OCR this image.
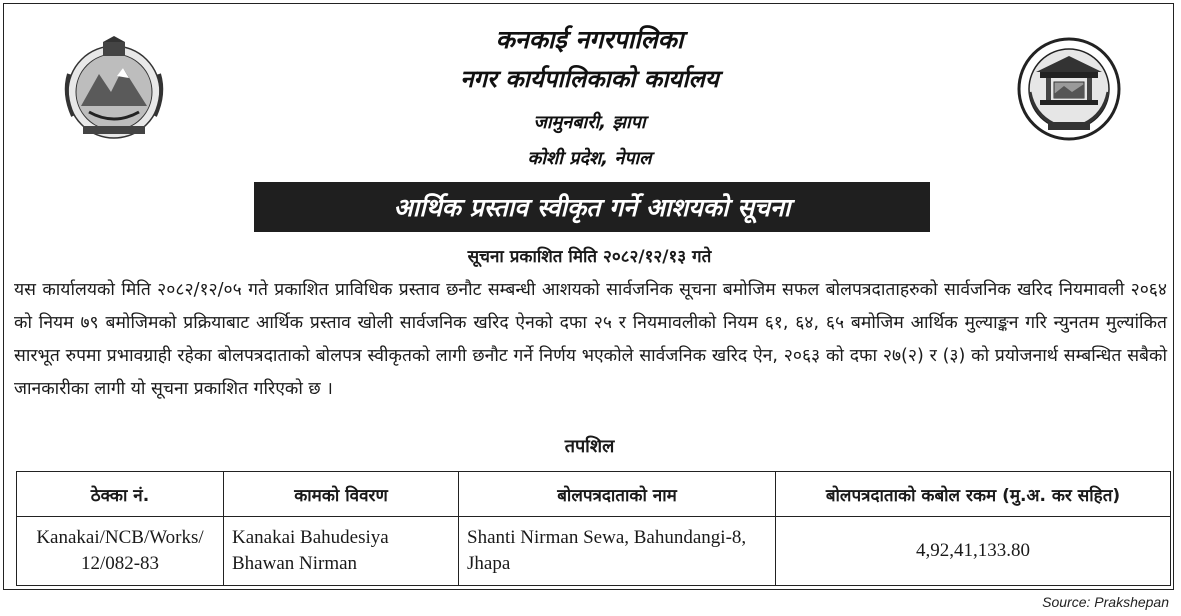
कनकाई नगरपालिका
नगर कार्यपालिकाको कार्यालय
जामुनबारी, झापा
कोशी प्रदेश, नेपाल
आर्थिक प्रस्ताव स्वीकृत गर्ने आशयको सूचना
सूचना प्रकाशित मिति २०८२/१२/१३ गते
यस कार्यालयको मिति २०८२/१२/०५ गते प्रकाशित प्राविधिक प्रस्ताव छनौट सम्बन्धी आशयको सार्वजनिक सूचना बमोजिम सफल बोलपत्रदाताहरुको सार्वजनिक खरिद नियमावली २०६४ को नियम ७९ बमोजिमको प्रक्रियाबाट आर्थिक प्रस्ताव खोली सार्वजनिक खरिद ऐनको दफा २५ र नियमावलीको नियम ६१, ६४, ६५ बमोजिम आर्थिक मुल्याङ्कन गरि न्युनतम मुल्यांकित सारभूत रुपमा प्रभावग्राही रहेका बोलपत्रदाताको बोलपत्र स्वीकृतको लागी छनौट गर्ने निर्णय भएकोले सार्वजनिक खरिद ऐन, २०६३ को दफा २७(२) र (३) को प्रयोजनार्थ सम्बन्धित सबैको जानकारीका लागी यो सूचना प्रकाशित गरिएको छ ।
तपशिल
ठेक्का नं.	कामको विवरण	बोलपत्रदाताको नाम	बोलपत्रदाताको कबोल रकम (मु.अ. कर सहित)
Kanakai/NCB/Works/ 12/082-83	Kanakai Bahudesiya Bhawan Nirman	Shanti Nirman Sewa, Bahundangi-8, Jhapa	4,92,41,133.80
Source: Prakshepan
